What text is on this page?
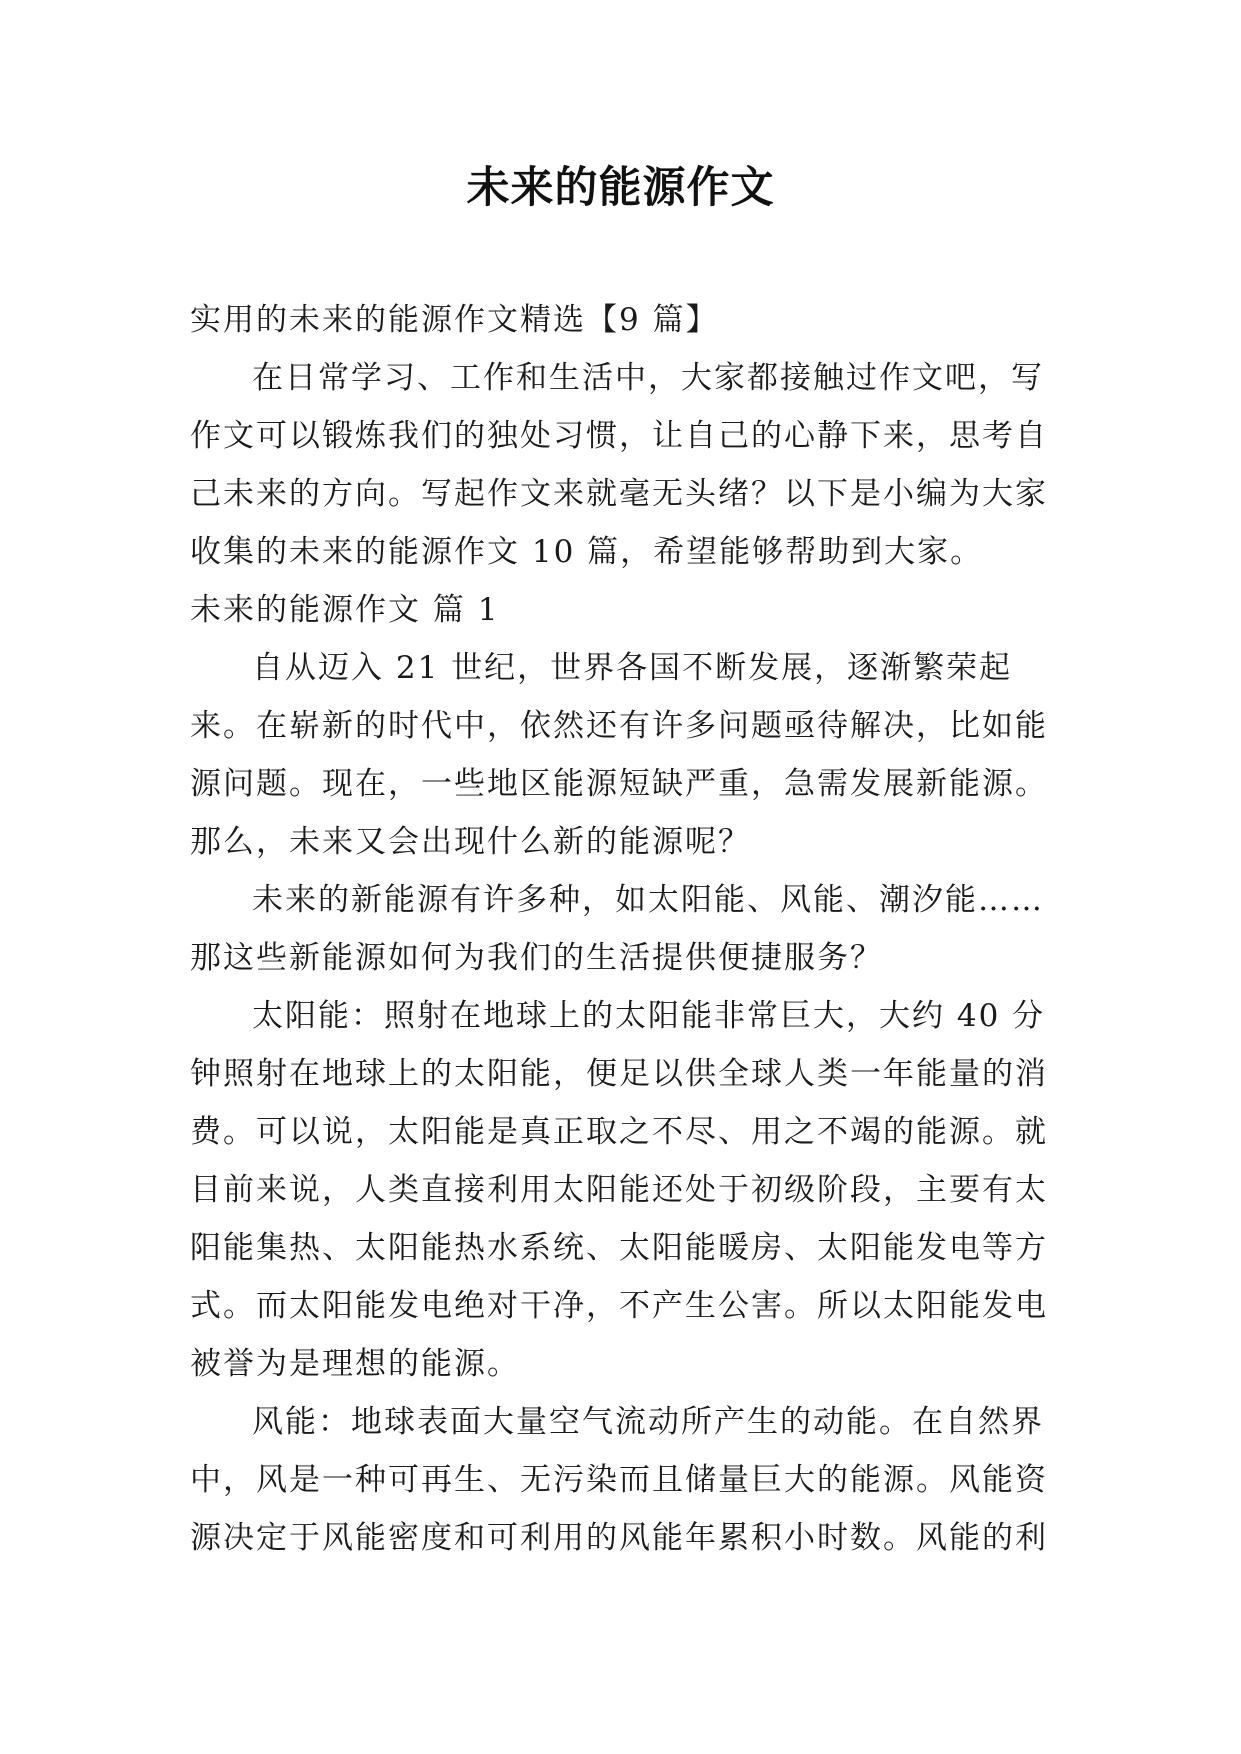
未来的能源作文

实用的未来的能源作文精选【9 篇】

在日常学习、工作和生活中，大家都接触过作文吧，写作文可以锻炼我们的独处习惯，让自己的心静下来，思考自己未来的方向。写起作文来就毫无头绪？以下是小编为大家收集的未来的能源作文 10 篇，希望能够帮助到大家。

未来的能源作文 篇 1

自从迈入 21 世纪，世界各国不断发展，逐渐繁荣起来。在崭新的时代中，依然还有许多问题亟待解决，比如能源问题。现在，一些地区能源短缺严重，急需发展新能源。那么，未来又会出现什么新的能源呢？

未来的新能源有许多种，如太阳能、风能、潮汐能……那这些新能源如何为我们的生活提供便捷服务？

太阳能：照射在地球上的太阳能非常巨大，大约 40 分钟照射在地球上的太阳能，便足以供全球人类一年能量的消费。可以说，太阳能是真正取之不尽、用之不竭的能源。就目前来说，人类直接利用太阳能还处于初级阶段，主要有太阳能集热、太阳能热水系统、太阳能暖房、太阳能发电等方式。而太阳能发电绝对干净，不产生公害。所以太阳能发电被誉为是理想的能源。

风能：地球表面大量空气流动所产生的动能。在自然界中，风是一种可再生、无污染而且储量巨大的能源。风能资源决定于风能密度和可利用的风能年累积小时数。风能的利
